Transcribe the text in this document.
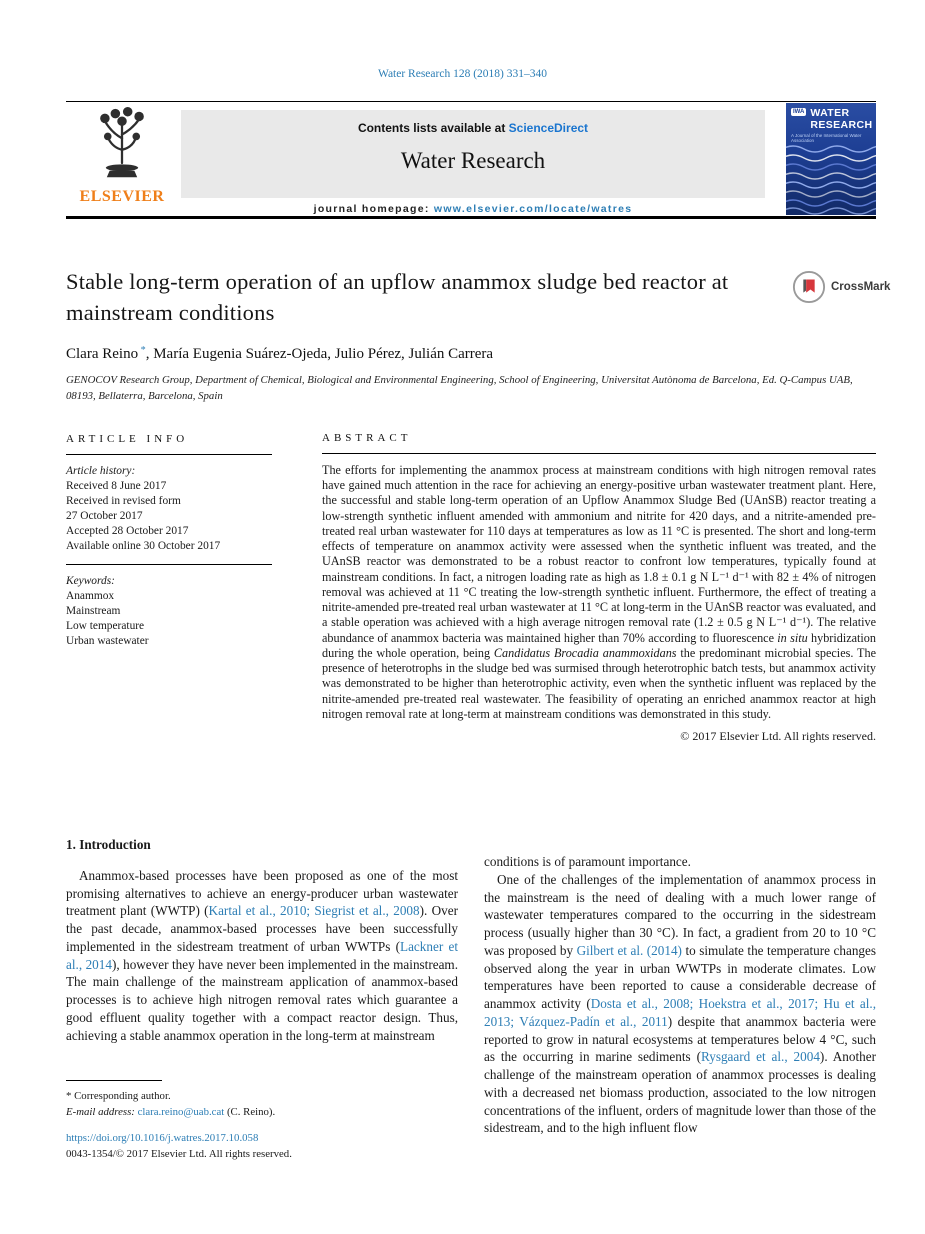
Water Research 128 (2018) 331–340
ELSEVIER
Contents lists available at ScienceDirect
Water Research
journal homepage: www.elsevier.com/locate/watres
IWA WATER
RESEARCH
A Journal of the International Water Association
Stable long-term operation of an upflow anammox sludge bed reactor at mainstream conditions
CrossMark
Clara Reino *, María Eugenia Suárez-Ojeda, Julio Pérez, Julián Carrera
GENOCOV Research Group, Department of Chemical, Biological and Environmental Engineering, School of Engineering, Universitat Autònoma de Barcelona, Ed. Q-Campus UAB, 08193, Bellaterra, Barcelona, Spain
ARTICLE INFO
Article history:
Received 8 June 2017
Received in revised form
27 October 2017
Accepted 28 October 2017
Available online 30 October 2017
Keywords:
Anammox
Mainstream
Low temperature
Urban wastewater
ABSTRACT

The efforts for implementing the anammox process at mainstream conditions with high nitrogen removal rates have gained much attention in the race for achieving an energy-positive urban wastewater treatment plant. Here, the successful and stable long-term operation of an Upflow Anammox Sludge Bed (UAnSB) reactor treating a low-strength synthetic influent amended with ammonium and nitrite for 420 days, and a nitrite-amended pre-treated real urban wastewater for 110 days at temperatures as low as 11 °C is presented. The short and long-term effects of temperature on anammox activity were assessed when the synthetic influent was treated, and the UAnSB reactor was demonstrated to be a robust reactor to confront low temperatures, typically found at mainstream conditions. In fact, a nitrogen loading rate as high as 1.8 ± 0.1 g N L⁻¹ d⁻¹ with 82 ± 4% of nitrogen removal was achieved at 11 °C treating the low-strength synthetic influent. Furthermore, the effect of treating a nitrite-amended pre-treated real urban wastewater at 11 °C at long-term in the UAnSB reactor was evaluated, and a stable operation was achieved with a high average nitrogen removal rate (1.2 ± 0.5 g N L⁻¹ d⁻¹). The relative abundance of anammox bacteria was maintained higher than 70% according to fluorescence in situ hybridization during the whole operation, being Candidatus Brocadia anammoxidans the predominant microbial species. The presence of heterotrophs in the sludge bed was surmised through heterotrophic batch tests, but anammox activity was demonstrated to be higher than heterotrophic activity, even when the synthetic influent was replaced by the nitrite-amended pre-treated real wastewater. The feasibility of operating an enriched anammox reactor at high nitrogen removal rate at long-term at mainstream conditions was demonstrated in this study.

© 2017 Elsevier Ltd. All rights reserved.
1. Introduction

Anammox-based processes have been proposed as one of the most promising alternatives to achieve an energy-producer urban wastewater treatment plant (WWTP) (Kartal et al., 2010; Siegrist et al., 2008). Over the past decade, anammox-based processes have been successfully implemented in the sidestream treatment of urban WWTPs (Lackner et al., 2014), however they have never been implemented in the mainstream. The main challenge of the mainstream application of anammox-based processes is to achieve high nitrogen removal rates which guarantee a good effluent quality together with a compact reactor design. Thus, achieving a stable anammox operation in the long-term at mainstream

conditions is of paramount importance.

One of the challenges of the implementation of anammox process in the mainstream is the need of dealing with a much lower range of wastewater temperatures compared to the occurring in the sidestream process (usually higher than 30 °C). In fact, a gradient from 20 to 10 °C was proposed by Gilbert et al. (2014) to simulate the temperature changes observed along the year in urban WWTPs in moderate climates. Low temperatures have been reported to cause a considerable decrease of anammox activity (Dosta et al., 2008; Hoekstra et al., 2017; Hu et al., 2013; Vázquez-Padín et al., 2011) despite that anammox bacteria were reported to grow in natural ecosystems at temperatures below 4 °C, such as the occurring in marine sediments (Rysgaard et al., 2004). Another challenge of the mainstream operation of anammox processes is dealing with a decreased net biomass production, associated to the low nitrogen concentrations of the influent, orders of magnitude lower than those of the sidestream, and to the high influent flow

* Corresponding author.
E-mail address: clara.reino@uab.cat (C. Reino).
https://doi.org/10.1016/j.watres.2017.10.058
0043-1354/© 2017 Elsevier Ltd. All rights reserved.
